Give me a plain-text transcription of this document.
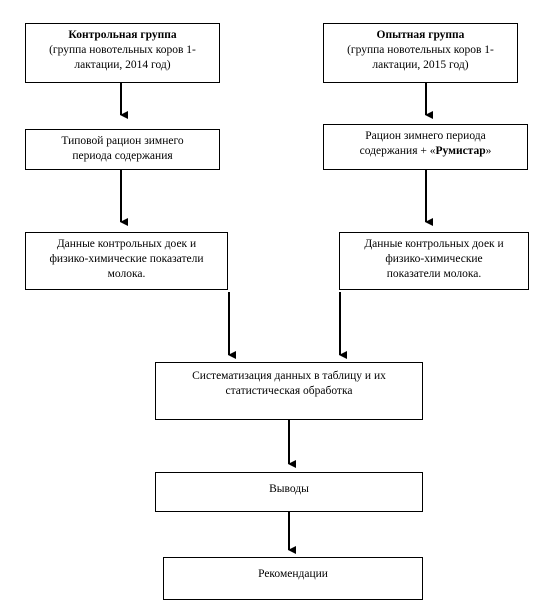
Контрольная группа
(группа новотельных коров 1-
лактации, 2014 год)
Опытная группа
(группа новотельных коров 1-
лактации, 2015 год)
Типовой рацион зимнего
периода содержания
Рацион зимнего периода
содержания + «Румистар»
Данные контрольных доек и
физико-химические показатели
молока.
Данные контрольных доек и
физико-химические
показатели молока.
Систематизация данных в таблицу и их
статистическая обработка
Выводы
Рекомендации
